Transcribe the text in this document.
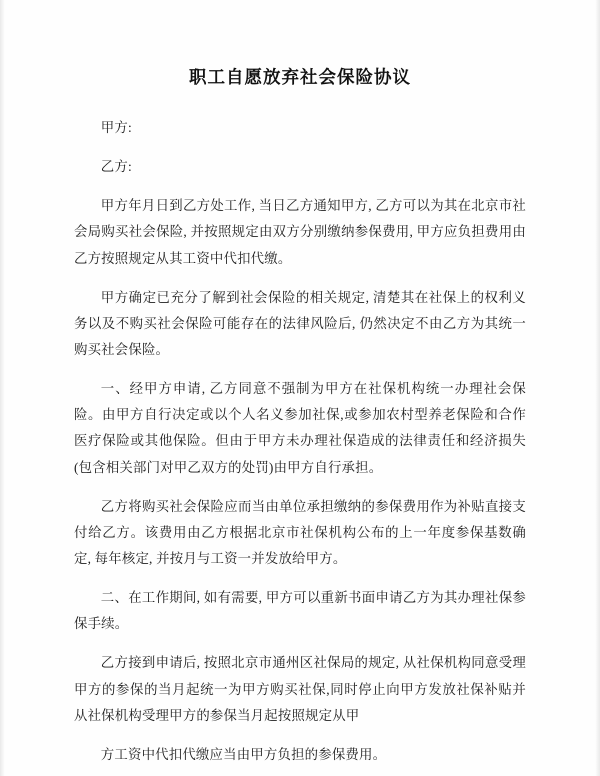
职工自愿放弃社会保险协议

甲方:

乙方:

甲方年月日到乙方处工作, 当日乙方通知甲方, 乙方可以为其在北京市社会局购买社会保险, 并按照规定由双方分别缴纳参保费用, 甲方应负担费用由乙方按照规定从其工资中代扣代缴。

甲方确定已充分了解到社会保险的相关规定, 清楚其在社保上的权利义务以及不购买社会保险可能存在的法律风险后, 仍然决定不由乙方为其统一购买社会保险。

一、经甲方申请, 乙方同意不强制为甲方在社保机构统一办理社会保险。由甲方自行决定或以个人名义参加社保,或参加农村型养老保险和合作医疗保险或其他保险。但由于甲方未办理社保造成的法律责任和经济损失(包含相关部门对甲乙双方的处罚)由甲方自行承担。

乙方将购买社会保险应而当由单位承担缴纳的参保费用作为补贴直接支付给乙方。该费用由乙方根据北京市社保机构公布的上一年度参保基数确定, 每年核定, 并按月与工资一并发放给甲方。

二、在工作期间, 如有需要, 甲方可以重新书面申请乙方为其办理社保参保手续。

乙方接到申请后, 按照北京市通州区社保局的规定, 从社保机构同意受理甲方的参保的当月起统一为甲方购买社保,同时停止向甲方发放社保补贴并从社保机构受理甲方的参保当月起按照规定从甲

方工资中代扣代缴应当由甲方负担的参保费用。
